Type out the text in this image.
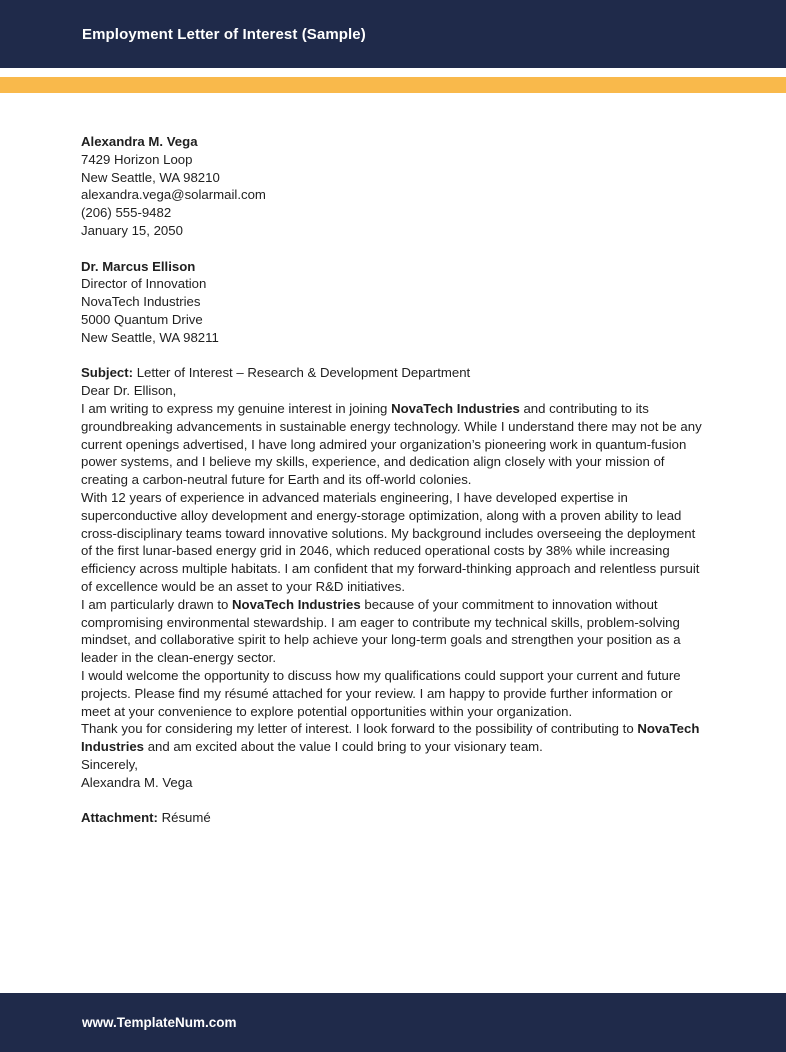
Employment Letter of Interest (Sample)

Alexandra M. Vega

7429 Horizon Loop

New Seattle, WA 98210

alexandra.vega@solarmail.com

(206) 555-9482

January 15, 2050

Dr. Marcus Ellison

Director of Innovation

NovaTech Industries

5000 Quantum Drive

New Seattle, WA 98211

Subject: Letter of Interest – Research & Development Department

Dear Dr. Ellison,

I am writing to express my genuine interest in joining NovaTech Industries and contributing to its groundbreaking advancements in sustainable energy technology. While I understand there may not be any current openings advertised, I have long admired your organization’s pioneering work in quantum-fusion power systems, and I believe my skills, experience, and dedication align closely with your mission of creating a carbon-neutral future for Earth and its off-world colonies.

With 12 years of experience in advanced materials engineering, I have developed expertise in superconductive alloy development and energy-storage optimization, along with a proven ability to lead cross-disciplinary teams toward innovative solutions. My background includes overseeing the deployment of the first lunar-based energy grid in 2046, which reduced operational costs by 38% while increasing efficiency across multiple habitats. I am confident that my forward-thinking approach and relentless pursuit of excellence would be an asset to your R&D initiatives.

I am particularly drawn to NovaTech Industries because of your commitment to innovation without compromising environmental stewardship. I am eager to contribute my technical skills, problem-solving mindset, and collaborative spirit to help achieve your long-term goals and strengthen your position as a leader in the clean-energy sector.

I would welcome the opportunity to discuss how my qualifications could support your current and future projects. Please find my résumé attached for your review. I am happy to provide further information or meet at your convenience to explore potential opportunities within your organization.

Thank you for considering my letter of interest. I look forward to the possibility of contributing to NovaTech Industries and am excited about the value I could bring to your visionary team.

Sincerely,

Alexandra M. Vega

Attachment: Résumé

www.TemplateNum.com
